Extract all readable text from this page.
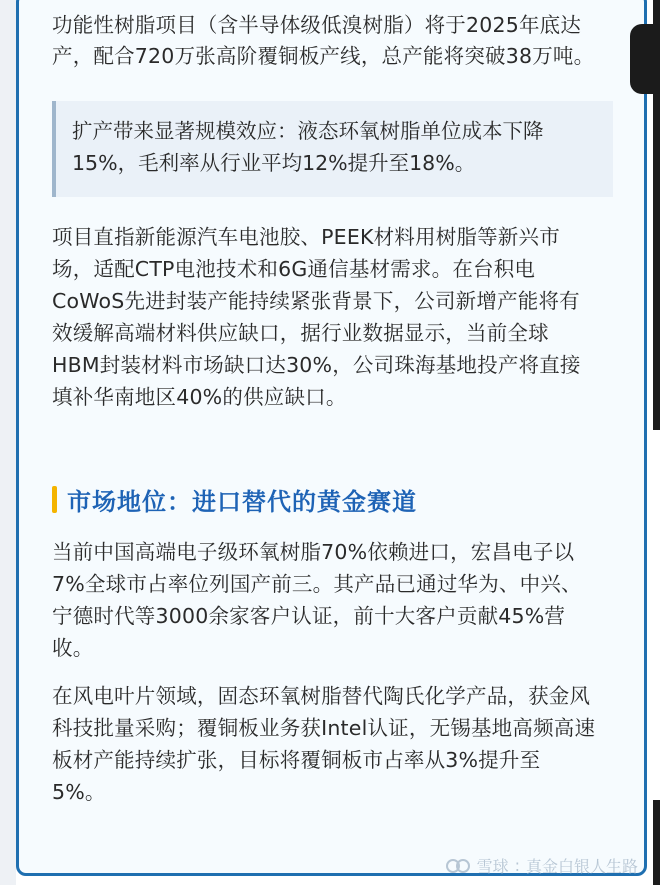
功能性树脂项目（含半导体级低溴树脂）将于2025年底达
产，配合720万张高阶覆铜板产线，总产能将突破38万吨。

扩产带来显著规模效应：液态环氧树脂单位成本下降
15%，毛利率从行业平均12%提升至18%。

项目直指新能源汽车电池胶、PEEK材料用树脂等新兴市
场，适配CTP电池技术和6G通信基材需求。在台积电
CoWoS先进封装产能持续紧张背景下，公司新增产能将有
效缓解高端材料供应缺口，据行业数据显示，当前全球
HBM封装材料市场缺口达30%，公司珠海基地投产将直接
填补华南地区40%的供应缺口。

市场地位：进口替代的黄金赛道

当前中国高端电子级环氧树脂70%依赖进口，宏昌电子以
7%全球市占率位列国产前三。其产品已通过华为、中兴、
宁德时代等3000余家客户认证，前十大客户贡献45%营
收。

在风电叶片领域，固态环氧树脂替代陶氏化学产品，获金风
科技批量采购；覆铜板业务获Intel认证，无锡基地高频高速
板材产能持续扩张，目标将覆铜板市占率从3%提升至
5%。

雪球 : 真金白银人生路
